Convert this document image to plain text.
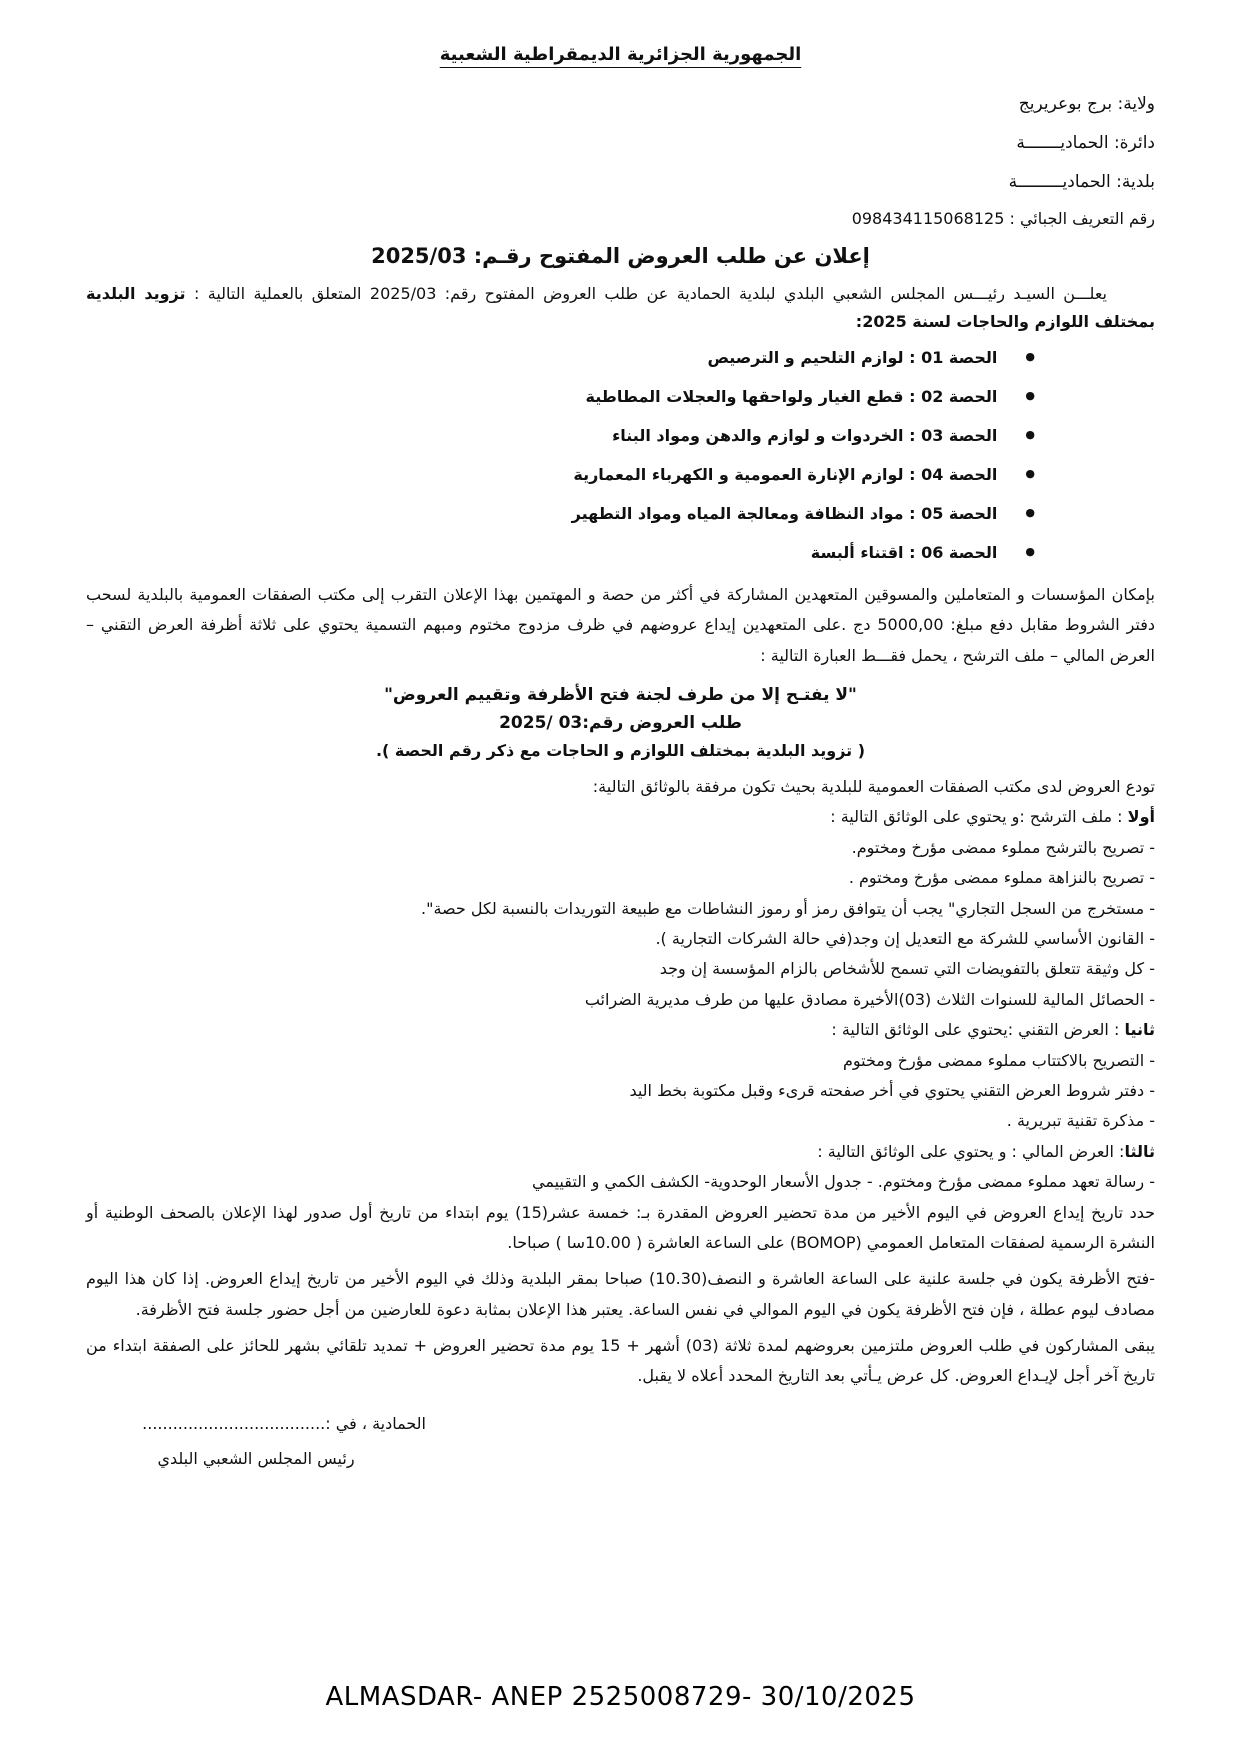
الجمهورية الجزائرية الديمقراطية الشعبية
ولاية: برج بوعريريج
دائرة: الحماديـــــــة
بلدية: الحماديـــــــــة
رقم التعريف الجبائي : 098434115068125
إعلان عن طلب العروض المفتوح رقـم: 2025/03

يعلـــن السيـد رئيـــس المجلس الشعبي البلدي لبلدية الحمادية عن طلب العروض المفتوح رقم: 2025/03 المتعلق بالعملية التالية : تزويد البلدية بمختلف اللوازم والحاجات لسنة 2025:

● الحصة 01 : لوازم التلحيم و الترصيص
● الحصة 02 : قطع الغيار ولواحقها والعجلات المطاطية
● الحصة 03 : الخردوات و لوازم والدهن ومواد البناء
● الحصة 04 : لوازم الإنارة العمومية و الكهرباء المعمارية
● الحصة 05 : مواد النظافة ومعالجة المياه ومواد التطهير
● الحصة 06 : اقتناء ألبسة

بإمكان المؤسسات و المتعاملين والمسوقين المتعهدين المشاركة في أكثر من حصة و المهتمين بهذا الإعلان التقرب إلى مكتب الصفقات العمومية بالبلدية لسحب دفتر الشروط مقابل دفع مبلغ: 5000,00 دج .على المتعهدين إيداع عروضهم في ظرف مزدوج مختوم ومبهم التسمية يحتوي على ثلاثة أظرفة العرض التقني – العرض المالي – ملف الترشح ، يحمل فقـــط العبارة التالية :

"لا يفتـح إلا من طرف لجنة فتح الأظرفة وتقييم العروض"
طلب العروض رقم:03 /2025
( تزويد البلدية بمختلف اللوازم و الحاجات مع ذكر رقم الحصة ).

تودع العروض لدى مكتب الصفقات العمومية للبلدية بحيث تكون مرفقة بالوثائق التالية:

أولا : ملف الترشح :و يحتوي على الوثائق التالية :

- تصريح بالترشح مملوء ممضى مؤرخ ومختوم.

- تصريح بالنزاهة مملوء ممضى مؤرخ ومختوم .

- مستخرج من السجل التجاري" يجب أن يتوافق رمز أو رموز النشاطات مع طبيعة التوريدات بالنسبة لكل حصة".

- القانون الأساسي للشركة مع التعديل إن وجد(في حالة الشركات التجارية ).

- كل وثيقة تتعلق بالتفويضات التي تسمح للأشخاص بالزام المؤسسة إن وجد

- الحصائل المالية للسنوات الثلاث (03)الأخيرة مصادق عليها من طرف مديرية الضرائب

ثانيا : العرض التقني :يحتوي على الوثائق التالية :

- التصريح بالاكتتاب مملوء ممضى مؤرخ ومختوم

- دفتر شروط العرض التقني يحتوي في أخر صفحته قرىء وقبل مكتوبة بخط اليد

- مذكرة تقنية تبريرية .

ثالثا: العرض المالي : و يحتوي على الوثائق التالية :

- رسالة تعهد مملوء ممضى مؤرخ ومختوم. - جدول الأسعار الوحدوية- الكشف الكمي و التقييمي

حدد تاريخ إيداع العروض في اليوم الأخير من مدة تحضير العروض المقدرة بـ: خمسة عشر(15) يوم ابتداء من تاريخ أول صدور لهذا الإعلان بالصحف الوطنية أو النشرة الرسمية لصفقات المتعامل العمومي (BOMOP) على الساعة العاشرة ( 10.00سا ) صباحا.

-فتح الأظرفة يكون في جلسة علنية على الساعة العاشرة و النصف(10.30) صباحا بمقر البلدية وذلك في اليوم الأخير من تاريخ إيداع العروض. إذا كان هذا اليوم مصادف ليوم عطلة ، فإن فتح الأظرفة يكون في اليوم الموالي في نفس الساعة. يعتبر هذا الإعلان بمثابة دعوة للعارضين من أجل حضور جلسة فتح الأظرفة.

يبقى المشاركون في طلب العروض ملتزمين بعروضهم لمدة ثلاثة (03) أشهر + 15 يوم مدة تحضير العروض + تمديد تلقائي بشهر للحائز على الصفقة ابتداء من تاريخ آخر أجل لإيـداع العروض. كل عرض يـأتي بعد التاريخ المحدد أعلاه لا يقبل.

الحمادية ، في :....................................
رئيس المجلس الشعبي البلدي
ALMASDAR- ANEP 2525008729- 30/10/2025
